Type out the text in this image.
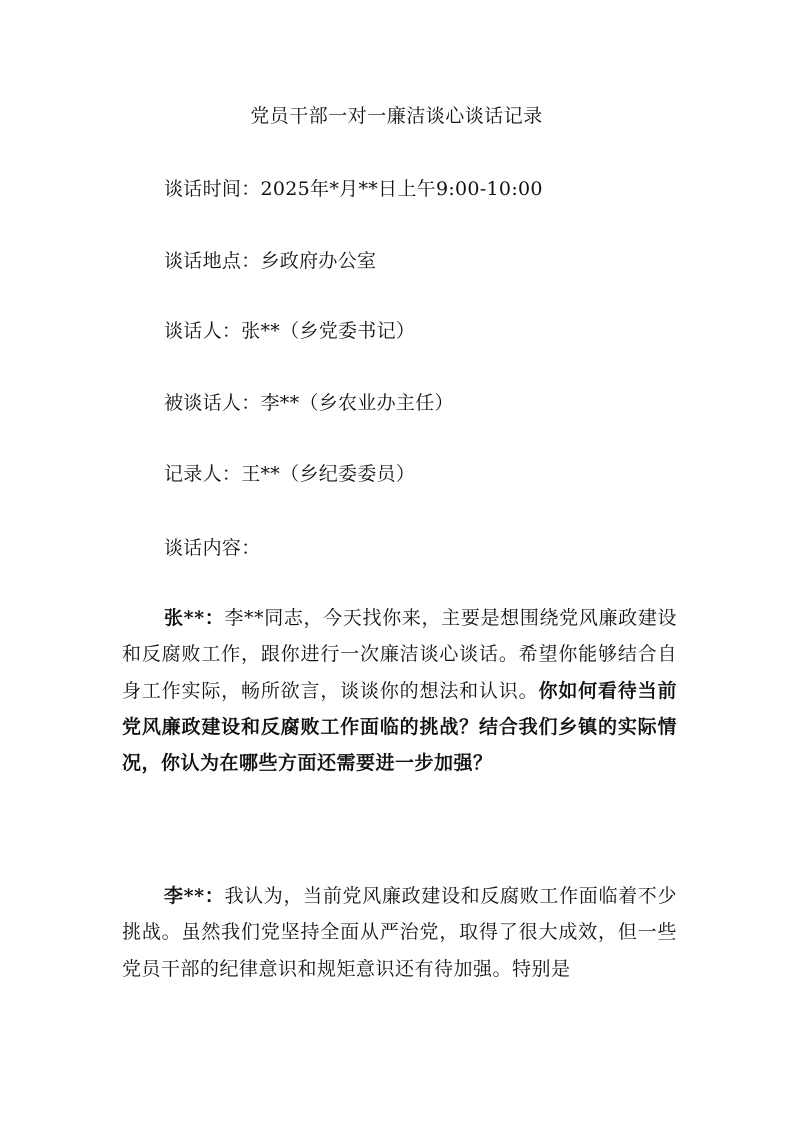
党员干部一对一廉洁谈心谈话记录
谈话时间：2025年*月**日上午9:00-10:00
谈话地点：乡政府办公室
谈话人：张**（乡党委书记）
被谈话人：李**（乡农业办主任）
记录人：王**（乡纪委委员）
谈话内容：

张**：李**同志，今天找你来，主要是想围绕党风廉政建设和反腐败工作，跟你进行一次廉洁谈心谈话。希望你能够结合自身工作实际，畅所欲言，谈谈你的想法和认识。你如何看待当前党风廉政建设和反腐败工作面临的挑战？结合我们乡镇的实际情况，你认为在哪些方面还需要进一步加强？

李**：我认为，当前党风廉政建设和反腐败工作面临着不少挑战。虽然我们党坚持全面从严治党，取得了很大成效，但一些党员干部的纪律意识和规矩意识还有待加强。特别是
